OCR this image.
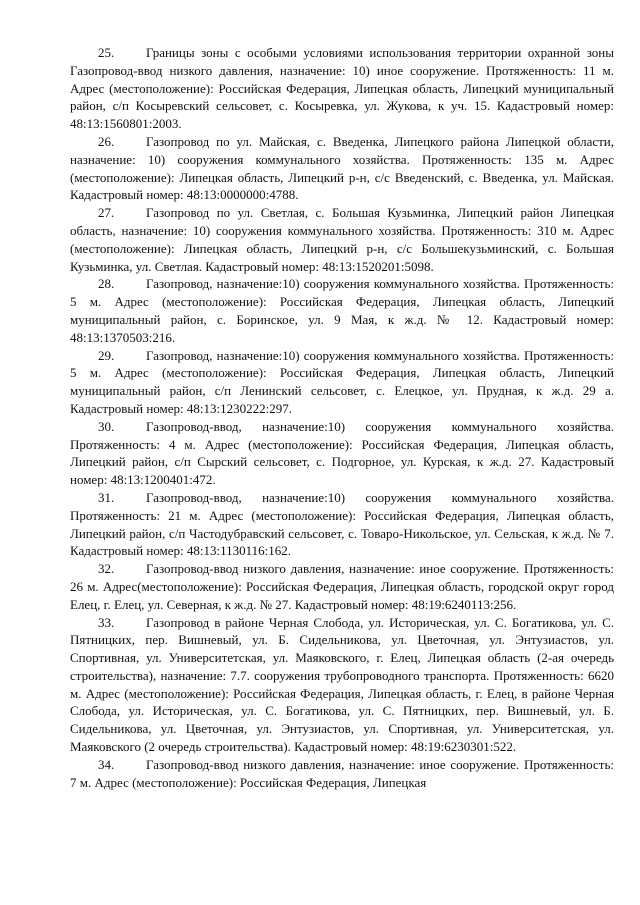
25. Границы зоны с особыми условиями использования территории охранной зоны Газопровод-ввод низкого давления, назначение: 10) иное сооружение. Протяженность: 11 м. Адрес (местоположение): Российская Федерация, Липецкая область, Липецкий муниципальный район, с/п Косыревский сельсовет, с. Косыревка, ул. Жукова, к уч. 15. Кадастровый номер: 48:13:1560801:2003.

26. Газопровод по ул. Майская, с. Введенка, Липецкого района Липецкой области, назначение: 10) сооружения коммунального хозяйства. Протяженность: 135 м. Адрес (местоположение): Липецкая область, Липецкий р-н, с/с Введенский, с. Введенка, ул. Майская. Кадастровый номер: 48:13:0000000:4788.

27. Газопровод по ул. Светлая, с. Большая Кузьминка, Липецкий район Липецкая область, назначение: 10) сооружения коммунального хозяйства. Протяженность: 310 м. Адрес (местоположение): Липецкая область, Липецкий р-н, с/с Большекузьминский, с. Большая Кузьминка, ул. Светлая. Кадастровый номер: 48:13:1520201:5098.

28. Газопровод, назначение:10) сооружения коммунального хозяйства. Протяженность: 5 м. Адрес (местоположение): Российская Федерация, Липецкая область, Липецкий муниципальный район, с. Боринское, ул. 9 Мая, к ж.д. № 12. Кадастровый номер: 48:13:1370503:216.

29. Газопровод, назначение:10) сооружения коммунального хозяйства. Протяженность: 5 м. Адрес (местоположение): Российская Федерация, Липецкая область, Липецкий муниципальный район, с/п Ленинский сельсовет, с. Елецкое, ул. Прудная, к ж.д. 29 а. Кадастровый номер: 48:13:1230222:297.

30. Газопровод-ввод, назначение:10) сооружения коммунального хозяйства. Протяженность: 4 м. Адрес (местоположение): Российская Федерация, Липецкая область, Липецкий район, с/п Сырский сельсовет, с. Подгорное, ул. Курская, к ж.д. 27. Кадастровый номер: 48:13:1200401:472.

31. Газопровод-ввод, назначение:10) сооружения коммунального хозяйства. Протяженность: 21 м. Адрес (местоположение): Российская Федерация, Липецкая область, Липецкий район, с/п Частодубравский сельсовет, с. Товаро-Никольское, ул. Сельская, к ж.д. № 7. Кадастровый номер: 48:13:1130116:162.

32. Газопровод-ввод низкого давления, назначение: иное сооружение. Протяженность: 26 м. Адрес(местоположение): Российская Федерация, Липецкая область, городской округ город Елец, г. Елец, ул. Северная, к ж.д. № 27. Кадастровый номер: 48:19:6240113:256.

33. Газопровод в районе Черная Слобода, ул. Историческая, ул. С. Богатикова, ул. С. Пятницких, пер. Вишневый, ул. Б. Сидельникова, ул. Цветочная, ул. Энтузиастов, ул. Спортивная, ул. Университетская, ул. Маяковского, г. Елец, Липецкая область (2-ая очередь строительства), назначение: 7.7. сооружения трубопроводного транспорта. Протяженность: 6620 м. Адрес (местоположение): Российская Федерация, Липецкая область, г. Елец, в районе Черная Слобода, ул. Историческая, ул. С. Богатикова, ул. С. Пятницких, пер. Вишневый, ул. Б. Сидельникова, ул. Цветочная, ул. Энтузиастов, ул. Спортивная, ул. Университетская, ул. Маяковского (2 очередь строительства). Кадастровый номер: 48:19:6230301:522.

34. Газопровод-ввод низкого давления, назначение: иное сооружение. Протяженность: 7 м. Адрес (местоположение): Российская Федерация, Липецкая
